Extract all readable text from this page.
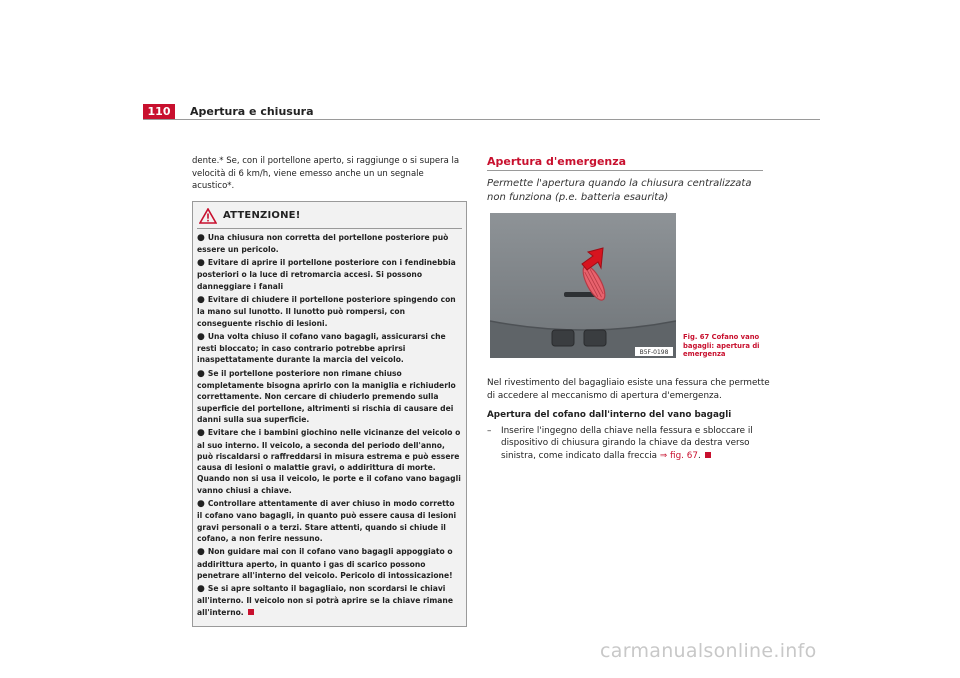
110	Apertura e chiusura

dente.* Se, con il portellone aperto, si raggiunge o si supera la velocità di 6 km/h, viene emesso anche un un segnale acustico*.

ATTENZIONE!

● Una chiusura non corretta del portellone posteriore può essere un pericolo.

● Evitare di aprire il portellone posteriore con i fendinebbia posteriori o la luce di retromarcia accesi. Si possono danneggiare i fanali

● Evitare di chiudere il portellone posteriore spingendo con la mano sul lunotto. Il lunotto può rompersi, con conseguente rischio di lesioni.

● Una volta chiuso il cofano vano bagagli, assicurarsi che resti bloccato; in caso contrario potrebbe aprirsi inaspettatamente durante la marcia del veicolo.

● Se il portellone posteriore non rimane chiuso completamente bisogna aprirlo con la maniglia e richiuderlo correttamente. Non cercare di chiuderlo premendo sulla superficie del portellone, altrimenti si rischia di causare dei danni sulla sua superficie.

● Evitare che i bambini giochino nelle vicinanze del veicolo o al suo interno. Il veicolo, a seconda del periodo dell'anno, può riscaldarsi o raffreddarsi in misura estrema e può essere causa di lesioni o malattie gravi, o addirittura di morte. Quando non si usa il veicolo, le porte e il cofano vano bagagli vanno chiusi a chiave.

● Controllare attentamente di aver chiuso in modo corretto il cofano vano bagagli, in quanto può essere causa di lesioni gravi personali o a terzi. Stare attenti, quando si chiude il cofano, a non ferire nessuno.

● Non guidare mai con il cofano vano bagagli appoggiato o addirittura aperto, in quanto i gas di scarico possono penetrare all'interno del veicolo. Pericolo di intossicazione!

● Se si apre soltanto il bagagliaio, non scordarsi le chiavi all'interno. Il veicolo non si potrà aprire se la chiave rimane all'interno.

Apertura d'emergenza

Permette l'apertura quando la chiusura centralizzata non funziona (p.e. batteria esaurita)

B5F-0198
Fig. 67 Cofano vano bagagli: apertura di emergenza

Nel rivestimento del bagagliaio esiste una fessura che permette di accedere al meccanismo di apertura d'emergenza.

Apertura del cofano dall'interno del vano bagagli

–	Inserire l'ingegno della chiave nella fessura e sbloccare il dispositivo di chiusura girando la chiave da destra verso sinistra, come indicato dalla freccia ⇒ fig. 67.
carmanualsonline.info
